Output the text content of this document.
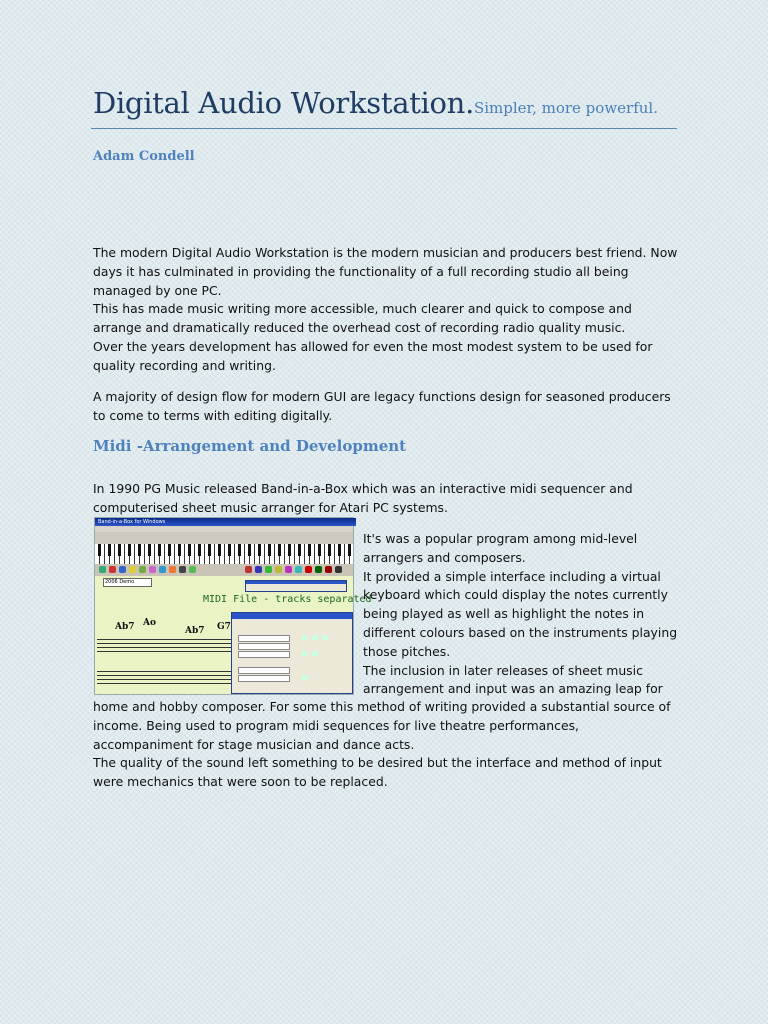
Digital Audio Workstation.Simpler, more powerful.
Adam Condell

The modern Digital Audio Workstation is the modern musician and producers best friend. Now days it has culminated in providing the functionality of a full recording studio all being managed by one PC.

This has made music writing more accessible, much clearer and quick to compose and arrange and dramatically reduced the overhead cost of recording radio quality music.

Over the years development has allowed for even the most modest system to be used for quality recording and writing.

A majority of design flow for modern GUI are legacy functions design for seasoned producers to come to terms with editing digitally.

Midi -Arrangement and Development

In 1990 PG Music released Band-in-a-Box which was an interactive midi sequencer and computerised sheet music arranger for Atari PC systems.

Band-in-a-Box for Windows
2006 Demo
MIDI File - tracks separated
Ab7 Ao
Ab7 G7

It's was a popular program among mid-level arrangers and composers.

It provided a simple interface including a virtual keyboard which could display the notes currently being played as well as highlight the notes in different colours based on the instruments playing those pitches.

The inclusion in later releases of sheet music arrangement and input was an amazing leap for

home and hobby composer. For some this method of writing provided a substantial source of income. Being used to program midi sequences for live theatre performances, accompaniment for stage musician and dance acts.

The quality of the sound left something to be desired but the interface and method of input were mechanics that were soon to be replaced.
